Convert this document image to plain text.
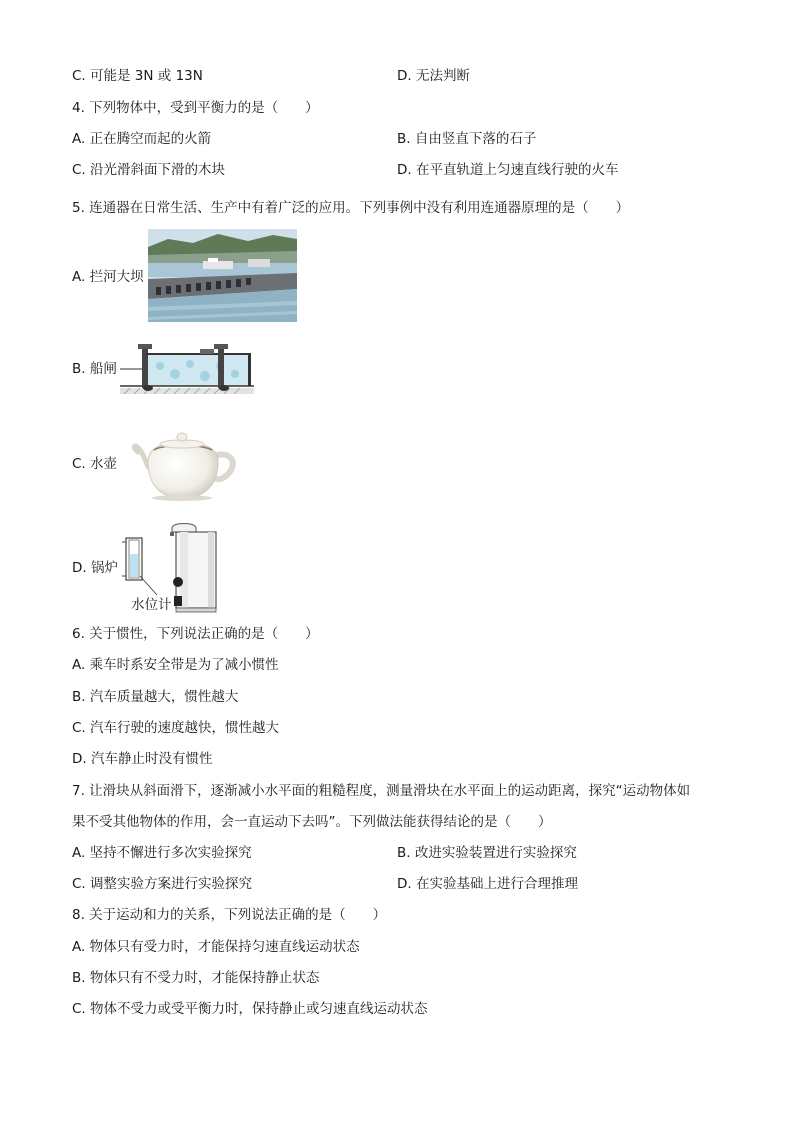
C. 可能是 3N 或 13N	D. 无法判断
4. 下列物体中，受到平衡力的是（　　）
A. 正在腾空而起的火箭	B. 自由竖直下落的石子
C. 沿光滑斜面下滑的木块	D. 在平直轨道上匀速直线行驶的火车
5. 连通器在日常生活、生产中有着广泛的应用。下列事例中没有利用连通器原理的是（　　）
A. 拦河大坝
B. 船闸
C. 水壶
D. 锅炉
水位计
6. 关于惯性，下列说法正确的是（　　）
A. 乘车时系安全带是为了减小惯性
B. 汽车质量越大，惯性越大
C. 汽车行驶的速度越快，惯性越大
D. 汽车静止时没有惯性
7. 让滑块从斜面滑下，逐渐减小水平面的粗糙程度，测量滑块在水平面上的运动距离，探究“运动物体如
果不受其他物体的作用，会一直运动下去吗”。下列做法能获得结论的是（　　）
A. 坚持不懈进行多次实验探究	B. 改进实验装置进行实验探究
C. 调整实验方案进行实验探究	D. 在实验基础上进行合理推理
8. 关于运动和力的关系，下列说法正确的是（　　）
A. 物体只有受力时，才能保持匀速直线运动状态
B. 物体只有不受力时，才能保持静止状态
C. 物体不受力或受平衡力时，保持静止或匀速直线运动状态
